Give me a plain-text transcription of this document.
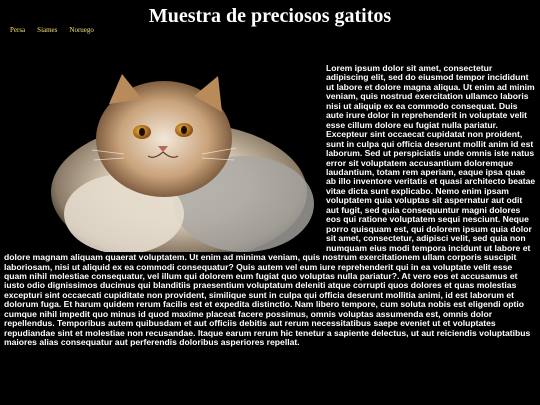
Muestra de preciosos gatitos
Persa Siames Noruego
Lorem ipsum dolor sit amet, consectetur adipiscing elit, sed do eiusmod tempor incididunt ut labore et dolore magna aliqua. Ut enim ad minim veniam, quis nostrud exercitation ullamco laboris nisi ut aliquip ex ea commodo consequat. Duis aute irure dolor in reprehenderit in voluptate velit esse cillum dolore eu fugiat nulla pariatur. Excepteur sint occaecat cupidatat non proident, sunt in culpa qui officia deserunt mollit anim id est laborum. Sed ut perspiciatis unde omnis iste natus error sit voluptatem accusantium doloremque laudantium, totam rem aperiam, eaque ipsa quae ab illo inventore veritatis et quasi architecto beatae vitae dicta sunt explicabo. Nemo enim ipsam voluptatem quia voluptas sit aspernatur aut odit aut fugit, sed quia consequuntur magni dolores eos qui ratione voluptatem sequi nesciunt. Neque porro quisquam est, qui dolorem ipsum quia dolor sit amet, consectetur, adipisci velit, sed quia non numquam eius modi tempora incidunt ut labore et dolore magnam aliquam quaerat voluptatem. Ut enim ad minima veniam, quis nostrum exercitationem ullam corporis suscipit laboriosam, nisi ut aliquid ex ea commodi consequatur? Quis autem vel eum iure reprehenderit qui in ea voluptate velit esse quam nihil molestiae consequatur, vel illum qui dolorem eum fugiat quo voluptas nulla pariatur?. At vero eos et accusamus et iusto odio dignissimos ducimus qui blanditiis praesentium voluptatum deleniti atque corrupti quos dolores et quas molestias excepturi sint occaecati cupiditate non provident, similique sunt in culpa qui officia deserunt mollitia animi, id est laborum et dolorum fuga. Et harum quidem rerum facilis est et expedita distinctio. Nam libero tempore, cum soluta nobis est eligendi optio cumque nihil impedit quo minus id quod maxime placeat facere possimus, omnis voluptas assumenda est, omnis dolor repellendus. Temporibus autem quibusdam et aut officiis debitis aut rerum necessitatibus saepe eveniet ut et voluptates repudiandae sint et molestiae non recusandae. Itaque earum rerum hic tenetur a sapiente delectus, ut aut reiciendis voluptatibus maiores alias consequatur aut perferendis doloribus asperiores repellat.
